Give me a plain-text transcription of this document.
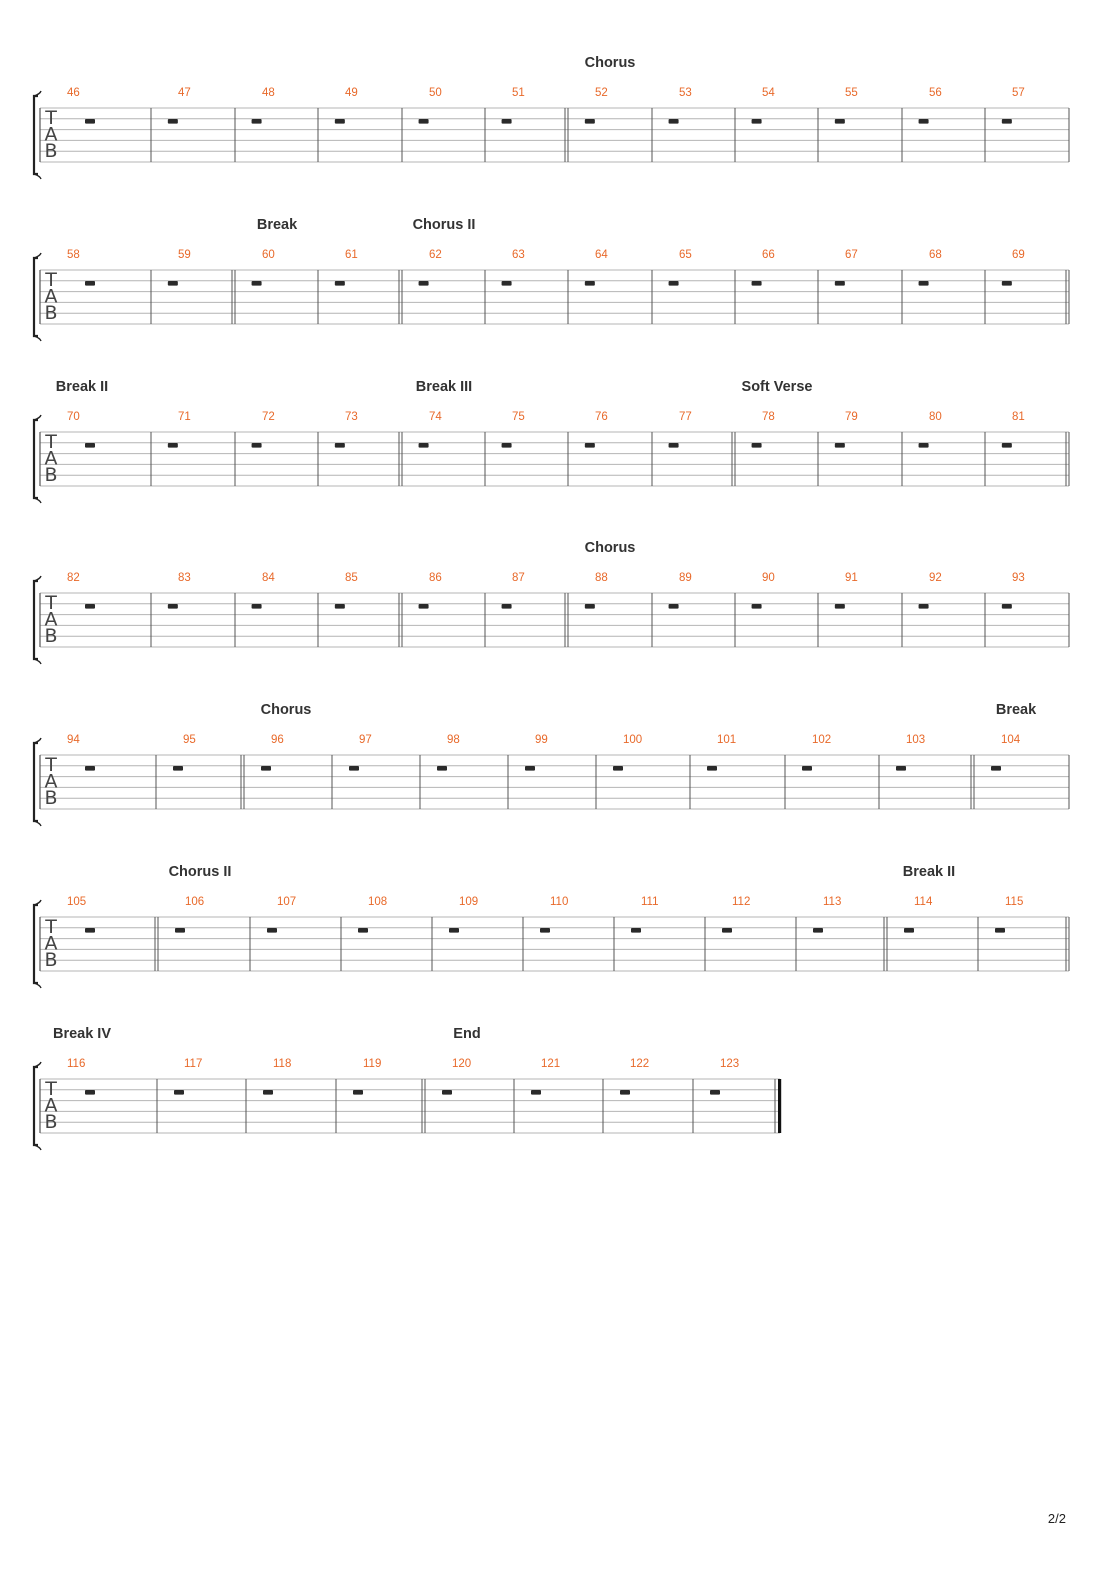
T
A
B
46	47	48	49	50	51	52	53	54	55	56	57
Chorus
T
A
B
58	59	60	61	62	63	64	65	66	67	68	69
Break	Chorus II
T
A
B
70	71	72	73	74	75	76	77	78	79	80	81
Break II	Break III	Soft Verse
T
A
B
82	83	84	85	86	87	88	89	90	91	92	93
Chorus
T
A
B
94	95	96	97	98	99	100	101	102	103	104
Chorus	Break
T
A
B
105	106	107	108	109	110	111	112	113	114	115
Chorus II	Break II
T
A
B
116	117	118	119	120	121	122	123
Break IV	End
2/2
